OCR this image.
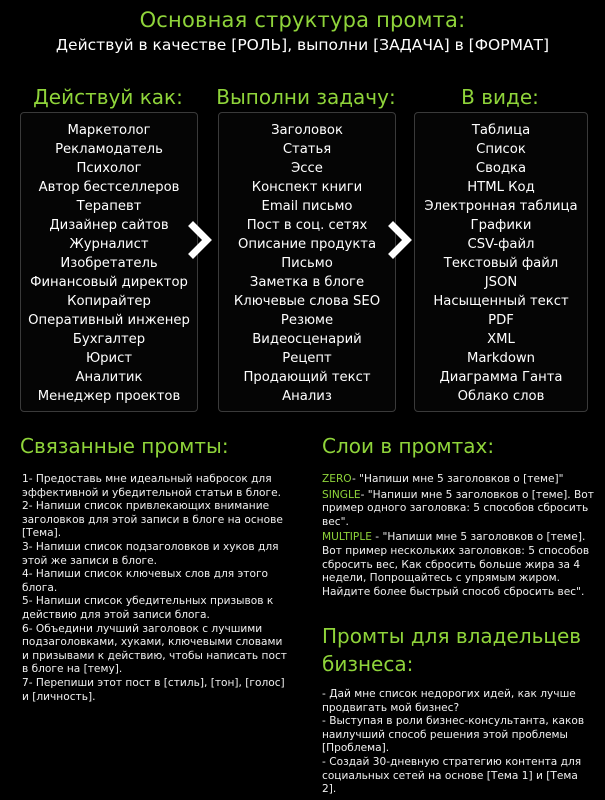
Основная структура промта:
Действуй в качестве [РОЛЬ], выполни [ЗАДАЧА] в [ФОРМАТ]
Действуй как:	Выполни задачу:	В виде:
Маркетолог
Рекламодатель
Психолог
Автор бестселлеров
Терапевт
Дизайнер сайтов
Журналист
Изобретатель
Финансовый директор
Копирайтер
Оперативный инженер
Бухгалтер
Юрист
Аналитик
Менеджер проектов
Заголовок
Статья
Эссе
Конспект книги
Email письмо
Пост в соц. сетях
Описание продукта
Письмо
Заметка в блоге
Ключевые слова SEO
Резюме
Видеосценарий
Рецепт
Продающий текст
Анализ
Таблица
Список
Сводка
HTML Код
Электронная таблица
Графики
CSV-файл
Текстовый файл
JSON
Насыщенный текст
PDF
XML
Markdown
Диаграмма Ганта
Облако слов
Связанные промты:

1- Предоставь мне идеальный набросок для эффективной и убедительной статьи в блоге.

2- Напиши список привлекающих внимание заголовков для этой записи в блоге на основе [Тема].

3- Напиши список подзаголовков и хуков для этой же записи в блоге.

4- Напиши список ключевых слов для этого блога.

5- Напиши список убедительных призывов к действию для этой записи блога.

6- Объедини лучший заголовок с лучшими подзаголовками, хуками, ключевыми словами и призывами к действию, чтобы написать пост в блоге на [тему].

7- Перепиши этот пост в [стиль], [тон], [голос] и [личность].

Слои в промтах:

ZERO- "Напиши мне 5 заголовков о [теме]"

SINGLE- "Напиши мне 5 заголовков о [теме]. Вот пример одного заголовка: 5 способов сбросить вес".

MULTIPLE - "Напиши мне 5 заголовков о [теме]. Вот пример нескольких заголовков: 5 способов сбросить вес, Как сбросить больше жира за 4 недели, Попрощайтесь с упрямым жиром. Найдите более быстрый способ сбросить вес".

Промты для владельцев бизнеса:

- Дай мне список недорогих идей, как лучше продвигать мой бизнес?

- Выступая в роли бизнес-консультанта, каков наилучший способ решения этой проблемы [Проблема].

- Создай 30-дневную стратегию контента для социальных сетей на основе [Тема 1] и [Тема 2].
